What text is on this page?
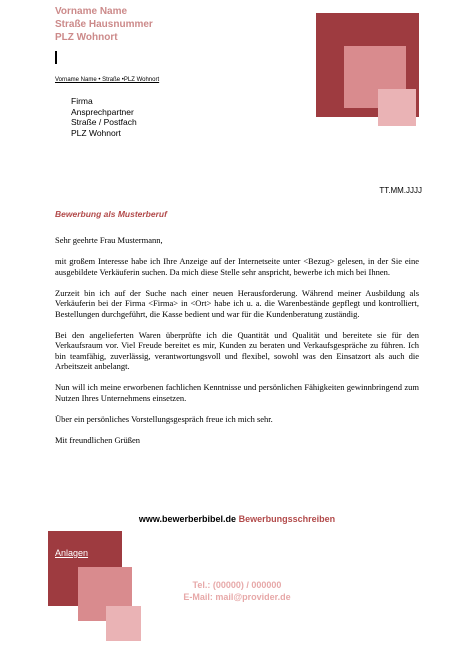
Vorname Name
Straße Hausnummer
PLZ Wohnort
Vorname Name • Straße •PLZ Wohnort
Firma
Ansprechpartner
Straße / Postfach
PLZ Wohnort
TT.MM.JJJJ
Bewerbung als Musterberuf

Sehr geehrte Frau Mustermann,

mit großem Interesse habe ich Ihre Anzeige auf der Internetseite unter <Bezug> gelesen, in der Sie eine ausgebildete Verkäuferin suchen. Da mich diese Stelle sehr anspricht, bewerbe ich mich bei Ihnen.

Zurzeit bin ich auf der Suche nach einer neuen Herausforderung. Während meiner Ausbildung als Verkäuferin bei der Firma <Firma> in <Ort> habe ich u. a. die Warenbestände gepflegt und kontrolliert, Bestellungen durchgeführt, die Kasse bedient und war für die Kundenberatung zuständig.

Bei den angelieferten Waren überprüfte ich die Quantität und Qualität und bereitete sie für den Verkaufsraum vor. Viel Freude bereitet es mir, Kunden zu beraten und Verkaufsgespräche zu führen. Ich bin teamfähig, zuverlässig, verantwortungsvoll und flexibel, sowohl was den Einsatzort als auch die Arbeitszeit anbelangt.

Nun will ich meine erworbenen fachlichen Kenntnisse und persönlichen Fähigkeiten gewinnbringend zum Nutzen Ihres Unternehmens einsetzen.

Über ein persönliches Vorstellungsgespräch freue ich mich sehr.

Mit freundlichen Grüßen

www.bewerberbibel.de Bewerbungsschreiben
Anlagen
Tel.: (00000) / 000000
E-Mail: mail@provider.de
